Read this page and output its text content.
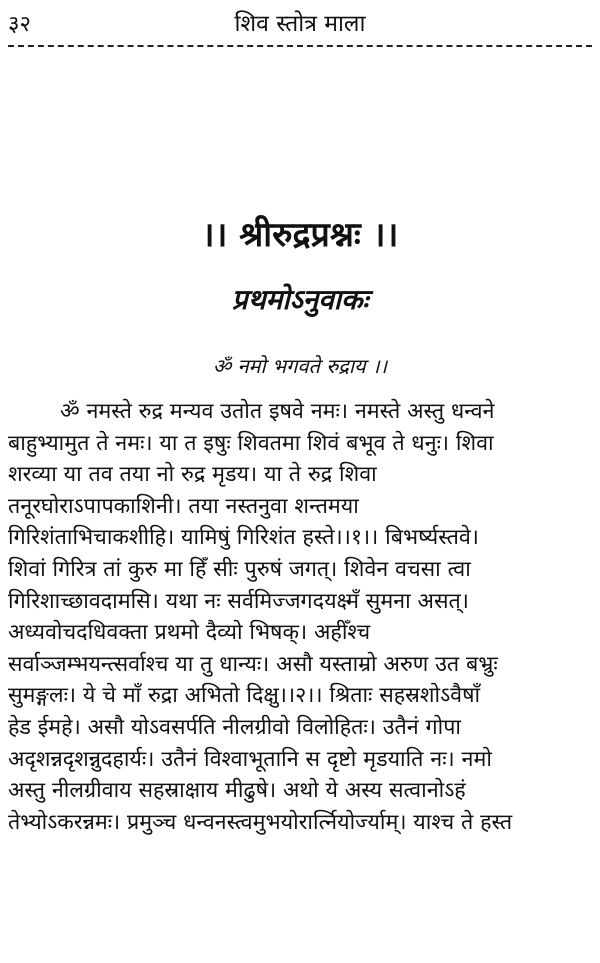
३२	शिव स्तोत्र माला
।। श्रीरुद्रप्रश्नः ।।
प्रथमोऽनुवाकः
ॐ नमो भगवते रुद्राय ।।
ॐ नमस्ते रुद्र मन्यव उतोत इषवे नमः। नमस्ते अस्तु धन्वने
बाहुभ्यामुत ते नमः। या त इषुः शिवतमा शिवं बभूव ते धनुः। शिवा
शरव्या या तव तया नो रुद्र मृडय। या ते रुद्र शिवा
तनूरघोराऽपापकाशिनी। तया नस्तनुवा शन्तमया
गिरिशंताभिचाकशीहि। यामिषुं गिरिशंत हस्ते।।१।। बिभर्ष्यस्तवे।
शिवां गिरित्र तां कुरु मा हिँ सीः पुरुषं जगत्। शिवेन वचसा त्वा
गिरिशाच्छावदामसि। यथा नः सर्वमिज्जगदयक्ष्मँ सुमना असत्।
अध्यवोचदधिवक्ता प्रथमो दैव्यो भिषक्। अहीँश्च
सर्वाञ्जम्भयन्त्सर्वाश्च या तु धान्यः। असौ यस्ताम्रो अरुण उत बभ्रुः
सुमङ्गलः। ये चे माँ रुद्रा अभितो दिक्षु।।२।। श्रिताः सहस्रशोऽवैषाँ
हेड ईमहे। असौ योऽवसर्पति नीलग्रीवो विलोहितः। उतैनं गोपा
अदृशन्नदृशन्नुदहार्यः। उतैनं विश्वाभूतानि स दृष्टो मृडयाति नः। नमो
अस्तु नीलग्रीवाय सहस्राक्षाय मीढुषे। अथो ये अस्य सत्वानोऽहं
तेभ्योऽकरन्नमः। प्रमुञ्च धन्वनस्त्वमुभयोरार्त्नियोर्ज्याम्। याश्च ते हस्त
